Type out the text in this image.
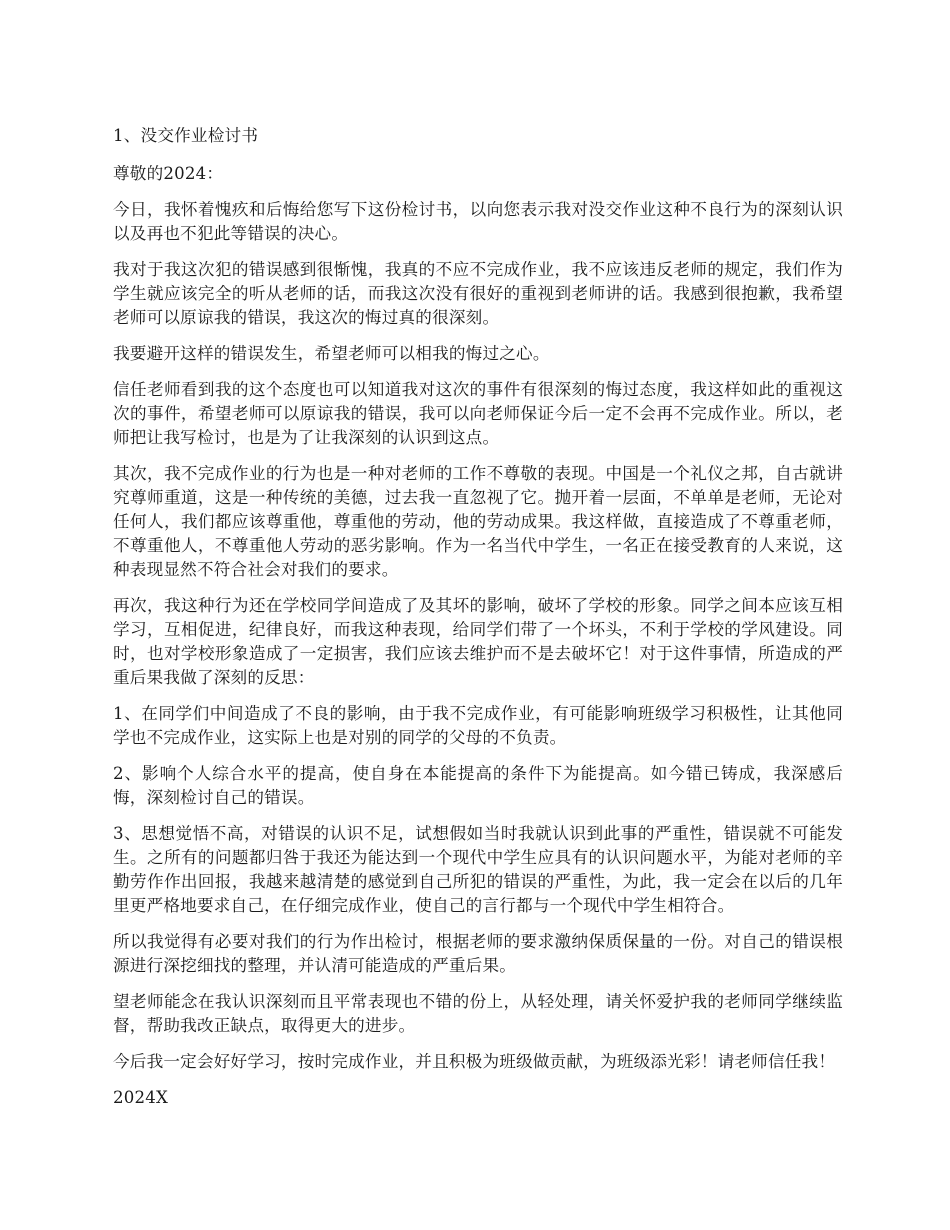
1、没交作业检讨书

尊敬的2024：

今日，我怀着愧疚和后悔给您写下这份检讨书，以向您表示我对没交作业这种不良行为的深刻认识以及再也不犯此等错误的决心。

我对于我这次犯的错误感到很惭愧，我真的不应不完成作业，我不应该违反老师的规定，我们作为学生就应该完全的听从老师的话，而我这次没有很好的重视到老师讲的话。我感到很抱歉，我希望老师可以原谅我的错误，我这次的悔过真的很深刻。

我要避开这样的错误发生，希望老师可以相我的悔过之心。

信任老师看到我的这个态度也可以知道我对这次的事件有很深刻的悔过态度，我这样如此的重视这次的事件，希望老师可以原谅我的错误，我可以向老师保证今后一定不会再不完成作业。所以，老师把让我写检讨，也是为了让我深刻的认识到这点。

其次，我不完成作业的行为也是一种对老师的工作不尊敬的表现。中国是一个礼仪之邦，自古就讲究尊师重道，这是一种传统的美德，过去我一直忽视了它。抛开着一层面，不单单是老师，无论对任何人，我们都应该尊重他，尊重他的劳动，他的劳动成果。我这样做，直接造成了不尊重老师，不尊重他人，不尊重他人劳动的恶劣影响。作为一名当代中学生，一名正在接受教育的人来说，这种表现显然不符合社会对我们的要求。

再次，我这种行为还在学校同学间造成了及其坏的影响，破坏了学校的形象。同学之间本应该互相学习，互相促进，纪律良好，而我这种表现，给同学们带了一个坏头，不利于学校的学风建设。同时，也对学校形象造成了一定损害，我们应该去维护而不是去破坏它！对于这件事情，所造成的严重后果我做了深刻的反思：

1、在同学们中间造成了不良的影响，由于我不完成作业，有可能影响班级学习积极性，让其他同学也不完成作业，这实际上也是对别的同学的父母的不负责。

2、影响个人综合水平的提高，使自身在本能提高的条件下为能提高。如今错已铸成，我深感后悔，深刻检讨自己的错误。

3、思想觉悟不高，对错误的认识不足，试想假如当时我就认识到此事的严重性，错误就不可能发生。之所有的问题都归咎于我还为能达到一个现代中学生应具有的认识问题水平，为能对老师的辛勤劳作作出回报，我越来越清楚的感觉到自己所犯的错误的严重性，为此，我一定会在以后的几年里更严格地要求自己，在仔细完成作业，使自己的言行都与一个现代中学生相符合。

所以我觉得有必要对我们的行为作出检讨，根据老师的要求激纳保质保量的一份。对自己的错误根源进行深挖细找的整理，并认清可能造成的严重后果。

望老师能念在我认识深刻而且平常表现也不错的份上，从轻处理，请关怀爱护我的老师同学继续监督，帮助我改正缺点，取得更大的进步。

今后我一定会好好学习，按时完成作业，并且积极为班级做贡献，为班级添光彩！请老师信任我！

2024X
